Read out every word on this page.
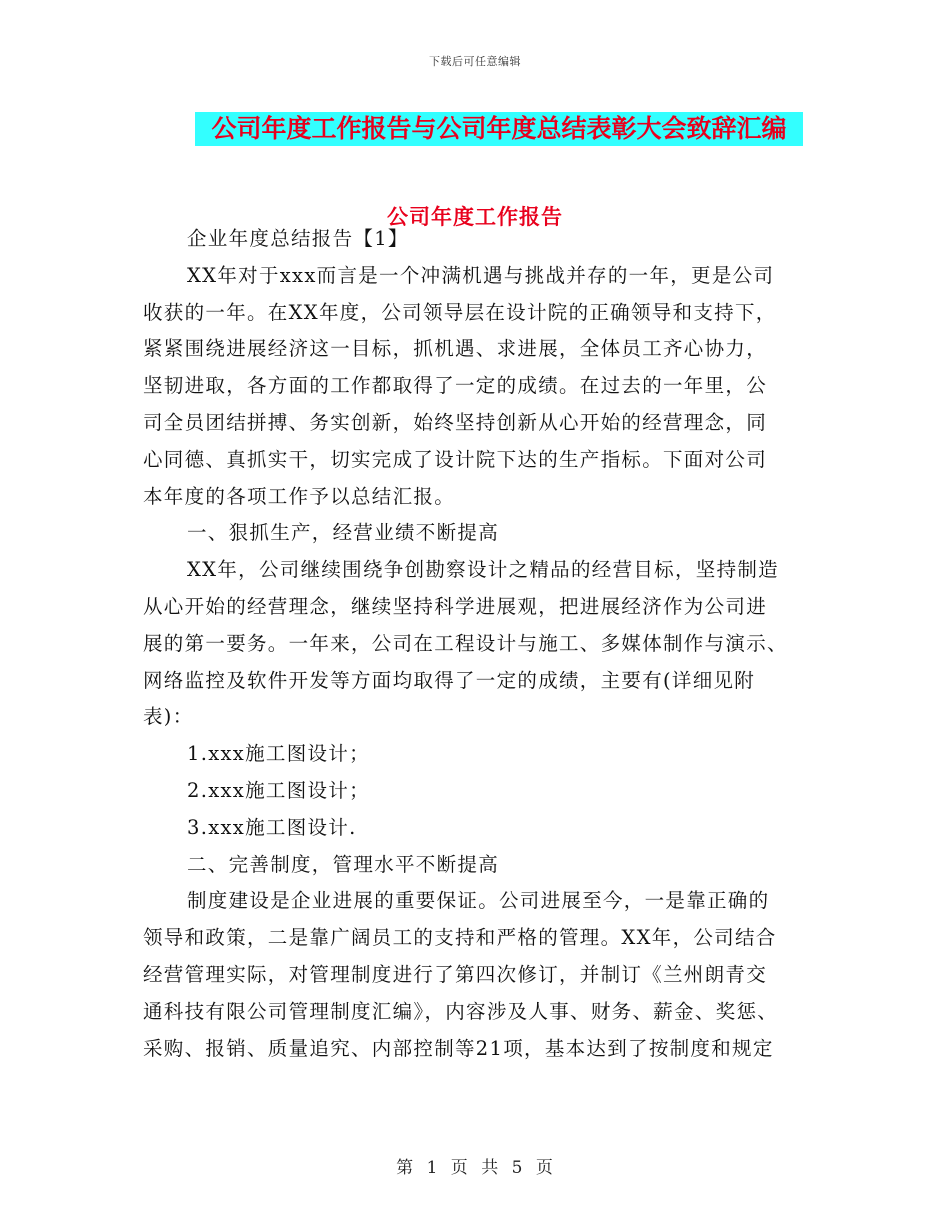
下载后可任意编辑
公司年度工作报告与公司年度总结表彰大会致辞汇编
公司年度工作报告
企业年度总结报告【1】
XX年对于xxx而言是一个冲满机遇与挑战并存的一年，更是公司
收获的一年。在XX年度，公司领导层在设计院的正确领导和支持下，
紧紧围绕进展经济这一目标，抓机遇、求进展，全体员工齐心协力，
坚韧进取，各方面的工作都取得了一定的成绩。在过去的一年里，公
司全员团结拼搏、务实创新，始终坚持创新从心开始的经营理念，同
心同德、真抓实干，切实完成了设计院下达的生产指标。下面对公司
本年度的各项工作予以总结汇报。
一、狠抓生产，经营业绩不断提高
XX年，公司继续围绕争创勘察设计之精品的经营目标，坚持制造
从心开始的经营理念，继续坚持科学进展观，把进展经济作为公司进
展的第一要务。一年来，公司在工程设计与施工、多媒体制作与演示、
网络监控及软件开发等方面均取得了一定的成绩，主要有(详细见附
表)：
1.xxx施工图设计；
2.xxx施工图设计；
3.xxx施工图设计.
二、完善制度，管理水平不断提高
制度建设是企业进展的重要保证。公司进展至今，一是靠正确的
领导和政策，二是靠广阔员工的支持和严格的管理。XX年，公司结合
经营管理实际，对管理制度进行了第四次修订，并制订《兰州朗青交
通科技有限公司管理制度汇编》，内容涉及人事、财务、薪金、奖惩、
采购、报销、质量追究、内部控制等21项，基本达到了按制度和规定
第 1 页 共 5 页
